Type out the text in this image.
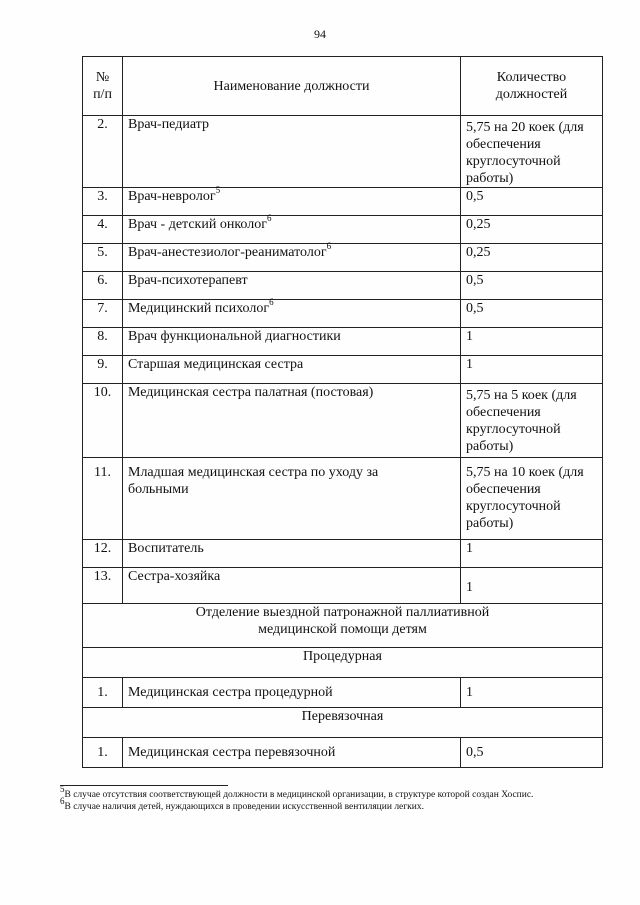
94
№ п/п	Наименование должности	Количество должностей
2.	Врач-педиатр	5,75 на 20 коек (для обеспечения круглосуточной работы)
3.	Врач-невролог$^5$	0,5
4.	Врач - детский онколог$^6$	0,25
5.	Врач-анестезиолог-реаниматолог$^6$	0,25
6.	Врач-психотерапевт	0,5
7.	Медицинский психолог$^6$	0,5
8.	Врач функциональной диагностики	1
9.	Старшая медицинская сестра	1
10.	Медицинская сестра палатная (постовая)	5,75 на 5 коек (для обеспечения круглосуточной работы)
11.	Младшая медицинская сестра по уходу за больными	5,75 на 10 коек (для обеспечения круглосуточной работы)
12.	Воспитатель	1
13.	Сестра-хозяйка	1
Отделение выездной патронажной паллиативной медицинской помощи детям		
Процедурная		
1.	Медицинская сестра процедурной	1
Перевязочная		
1.	Медицинская сестра перевязочной	0,5

$^5$В случае отсутствия соответствующей должности в медицинской организации, в структуре которой создан Хоспис.

$^6$В случае наличия детей, нуждающихся в проведении искусственной вентиляции легких.
